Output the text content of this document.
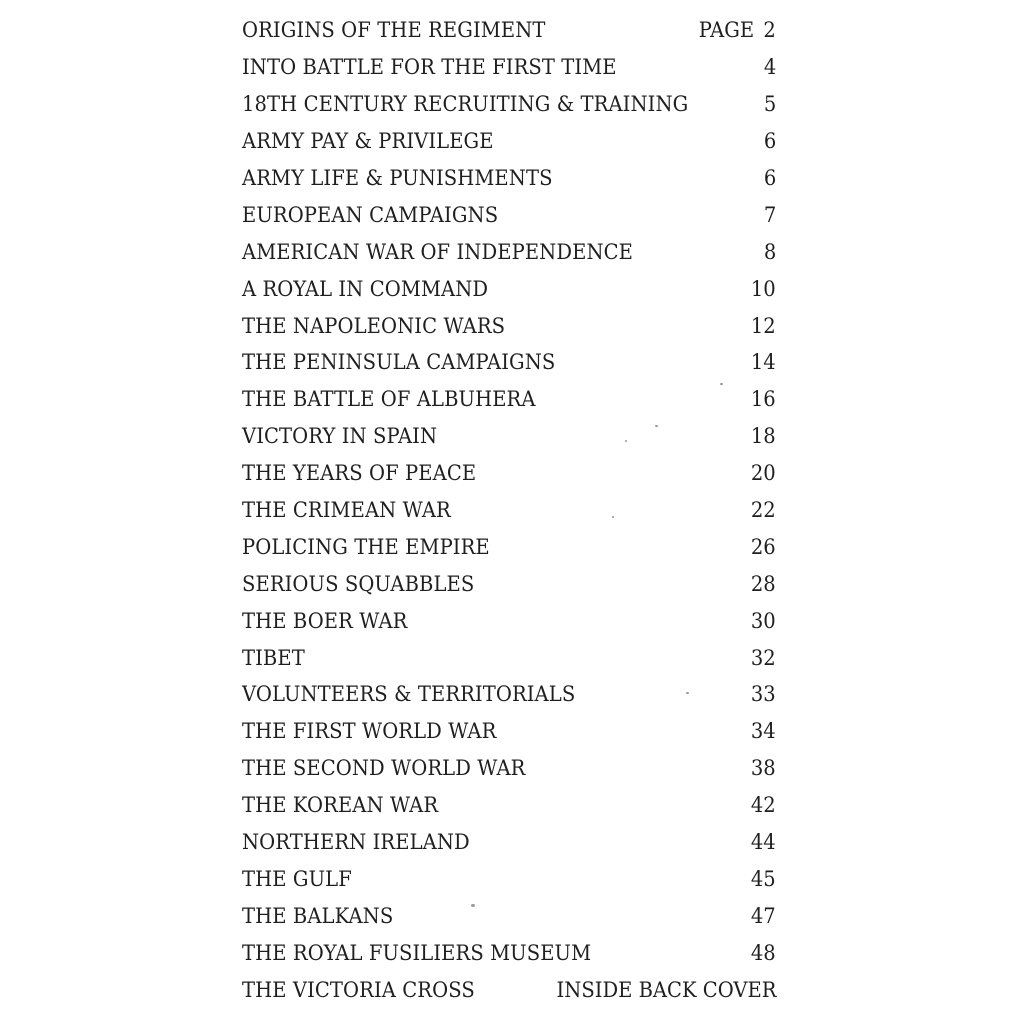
ORIGINS OF THE REGIMENT	PAGE 2
INTO BATTLE FOR THE FIRST TIME	4
18TH CENTURY RECRUITING & TRAINING	5
ARMY PAY & PRIVILEGE	6
ARMY LIFE & PUNISHMENTS	6
EUROPEAN CAMPAIGNS	7
AMERICAN WAR OF INDEPENDENCE	8
A ROYAL IN COMMAND	10
THE NAPOLEONIC WARS	12
THE PENINSULA CAMPAIGNS	14
THE BATTLE OF ALBUHERA	16
VICTORY IN SPAIN	18
THE YEARS OF PEACE	20
THE CRIMEAN WAR	22
POLICING THE EMPIRE	26
SERIOUS SQUABBLES	28
THE BOER WAR	30
TIBET	32
VOLUNTEERS & TERRITORIALS	33
THE FIRST WORLD WAR	34
THE SECOND WORLD WAR	38
THE KOREAN WAR	42
NORTHERN IRELAND	44
THE GULF	45
THE BALKANS	47
THE ROYAL FUSILIERS MUSEUM	48
THE VICTORIA CROSS	INSIDE BACK COVER
